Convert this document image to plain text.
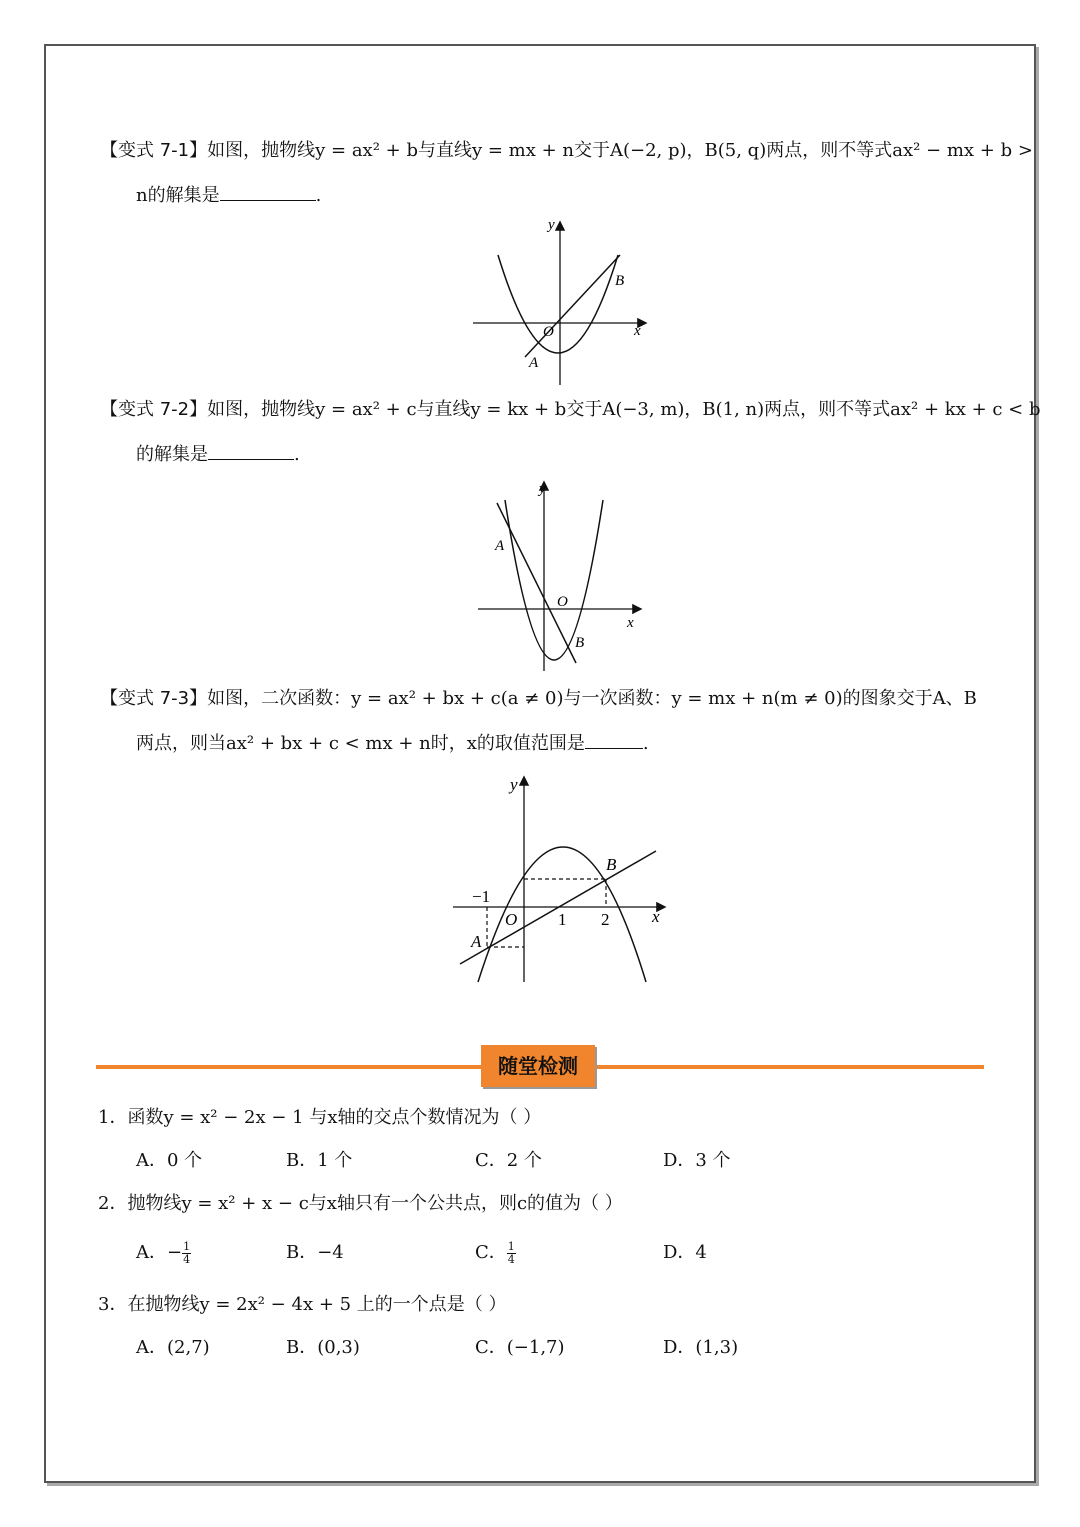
【变式 7-1】如图，抛物线y = ax² + b与直线y = mx + n交于A(−2, p)，B(5, q)两点，则不等式ax² − mx + b >
n的解集是	.
y
x
O
A
B
【变式 7-2】如图，抛物线y = ax² + c与直线y = kx + b交于A(−3, m)，B(1, n)两点，则不等式ax² + kx + c < b
的解集是	.
y
x
O
A
B
【变式 7-3】如图，二次函数：y = ax² + bx + c(a ≠ 0)与一次函数：y = mx + n(m ≠ 0)的图象交于A、B
两点，则当ax² + bx + c < mx + n时，x的取值范围是	.
y
x
O
A
B
−1
1 2
随堂检测
1．函数y = x² − 2x − 1 与x轴的交点个数情况为（ ）
A．0 个	B．1 个	C．2 个	D．3 个
2．抛物线y = x² + x − c与x轴只有一个公共点，则c的值为（ ）
A．− $\frac{1}{4}$	B．−4	C． $\frac{1}{4}$	D．4
3．在抛物线y = 2x² − 4x + 5 上的一个点是（ ）
A．(2,7)	B．(0,3)	C．(−1,7)	D．(1,3)
